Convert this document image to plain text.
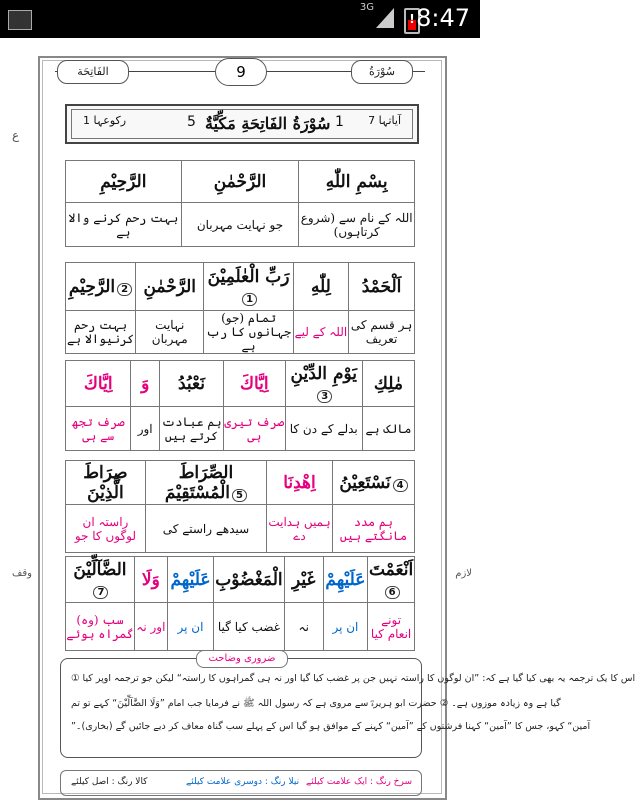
3G
! 8:47
ع
وقف	لازم
الفَاتِحَة	9	سُوْرَةُ
رکوعہا 1	5 سُوْرَةُ الفَاتِحَةِ مَكِّيَّةٌ 1 آیاتہا 7
الرَّحِيْمِ	الرَّحْمٰنِ	بِسْمِ اللّٰهِ
بہت رحم کرنے والا ہے	جو نہایت مہربان	اللہ کے نام سے (شروع کرتاہوں)
الرَّحِيْمِ 2	الرَّحْمٰنِ	رَبِّ الْعٰلَمِيْنَ1	لِلّٰهِ	اَلْحَمْدُ
بہت رحم کرنیوالا ہے	نہایت مہربان	(جو) تمام جہانوں کا رب ہے	اللہ کے لیے	ہر قسم کی تعریف
اِيَّاكَ	وَ	نَعْبُدُ	اِيَّاكَ	يَوْمِ الدِّيْنِ3	مٰلِكِ
صرف تجھ سے ہی	اور	ہم عبادت کرتے ہیں	صرف تیری ہی	بدلے کے دن کا	مالک ہے
صِرَاطَ الَّذِيْنَ	الصِّرَاطَ الْمُسْتَقِيْمَ 5	اِهْدِنَا	نَسْتَعِيْنُ 4
راستہ ان لوگوں کا جو	سیدھے راستے کی	ہمیں ہدایت دے	ہم مدد مانگتے ہیں
الضَّآلِّيْنَ7	وَلَا	عَلَيْهِمْ	الْمَغْضُوْبِ	غَيْرِ	عَلَيْهِمْ	اَنْعَمْتَ6
(وہ) سب گمراہ ہوئے	اور نہ	ان پر	غضب کیا گیا	نہ	ان پر	تونے انعام کیا
ضروری وضاحت
① اس کا یک ترجمہ یہ بھی کیا گیا ہے کہ: ”ان لوگوں کا راستہ نہیں جن پر غضب کیا گیا اور نہ ہی گمراہوں کا راستہ“ لیکن جو ترجمہ اوپر کیا
گیا ہے وہ زیادہ موزوں ہے۔ ② حضرت ابو ہریرہؓ سے مروی ہے کہ رسول اللہ ﷺ نے فرمایا جب امام ”وَلَا الضَّآلِّيْنَ“ کہے تو تم
”آمین“ کہو، جس کا ”آمین“ کہنا فرشتوں کے ”آمین“ کہنے کے موافق ہو گیا اس کے پہلے سب گناہ معاف کر دیے جائیں گے (بخاری)۔
کالا رنگ : اصل کیلئے	نیلا رنگ : دوسری علامت کیلئے سرخ رنگ : ایک علامت کیلئے
